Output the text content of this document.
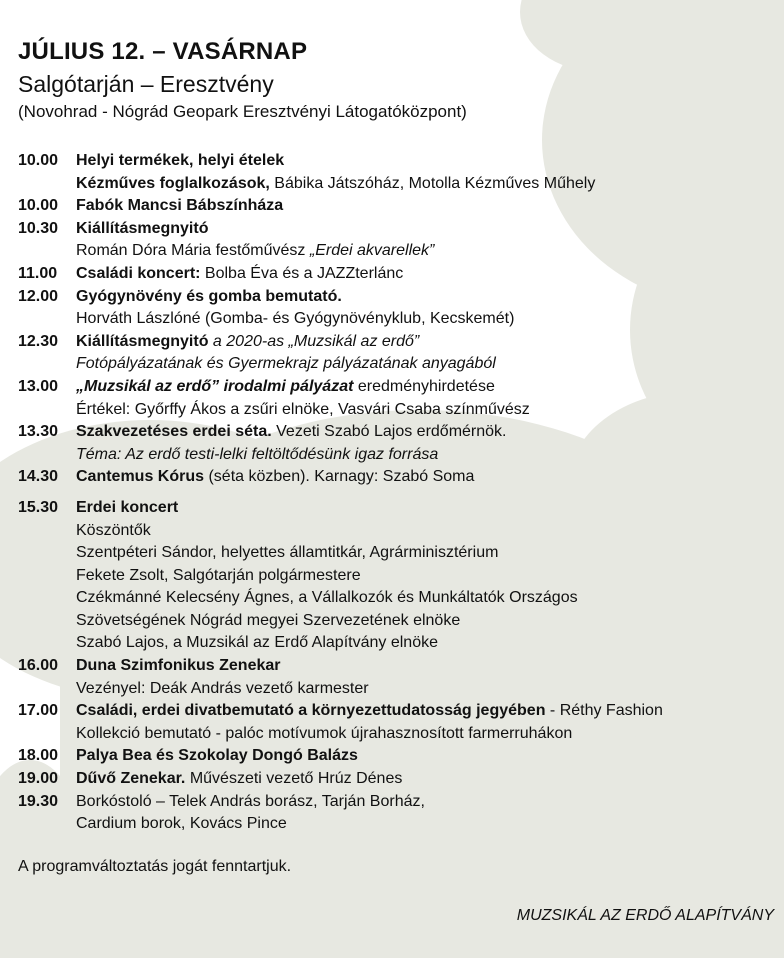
JÚLIUS 12. – VASÁRNAP
Salgótarján – Eresztvény
(Novohrad - Nógrád Geopark Eresztvényi Látogatóközpont)
10.00	Helyi termékek, helyi ételek
Kézműves foglalkozások, Bábika Játszóház, Motolla Kézműves Műhely
10.00	Fabók Mancsi Bábszínháza
10.30	Kiállításmegnyitó
Román Dóra Mária festőművész „Erdei akvarellek”
11.00	Családi koncert: Bolba Éva és a JAZZterlánc
12.00	Gyógynövény és gomba bemutató.
Horváth Lászlóné (Gomba- és Gyógynövényklub, Kecskemét)
12.30	Kiállításmegnyitó a 2020-as „Muzsikál az erdő”
Fotópályázatának és Gyermekrajz pályázatának anyagából
13.00	„Muzsikál az erdő” irodalmi pályázat eredményhirdetése
Értékel: Győrffy Ákos a zsűri elnöke, Vasvári Csaba színművész
13.30	Szakvezetéses erdei séta. Vezeti Szabó Lajos erdőmérnök.
Téma: Az erdő testi-lelki feltöltődésünk igaz forrása
14.30	Cantemus Kórus (séta közben). Karnagy: Szabó Soma
15.30	Erdei koncert
Köszöntők
Szentpéteri Sándor, helyettes államtitkár, Agrárminisztérium
Fekete Zsolt, Salgótarján polgármestere
Czékmánné Kelecsény Ágnes, a Vállalkozók és Munkáltatók Országos
Szövetségének Nógrád megyei Szervezetének elnöke
Szabó Lajos, a Muzsikál az Erdő Alapítvány elnöke
16.00	Duna Szimfonikus Zenekar
Vezényel: Deák András vezető karmester
17.00	Családi, erdei divatbemutató a környezettudatosság jegyében - Réthy Fashion
Kollekció bemutató - palóc motívumok újrahasznosított farmerruhákon
18.00	Palya Bea és Szokolay Dongó Balázs
19.00	Dűvő Zenekar. Művészeti vezető Hrúz Dénes
19.30	Borkóstoló – Telek András borász, Tarján Borház,
Cardium borok, Kovács Pince
A programváltoztatás jogát fenntartjuk.
MUZSIKÁL AZ ERDŐ ALAPÍTVÁNY
